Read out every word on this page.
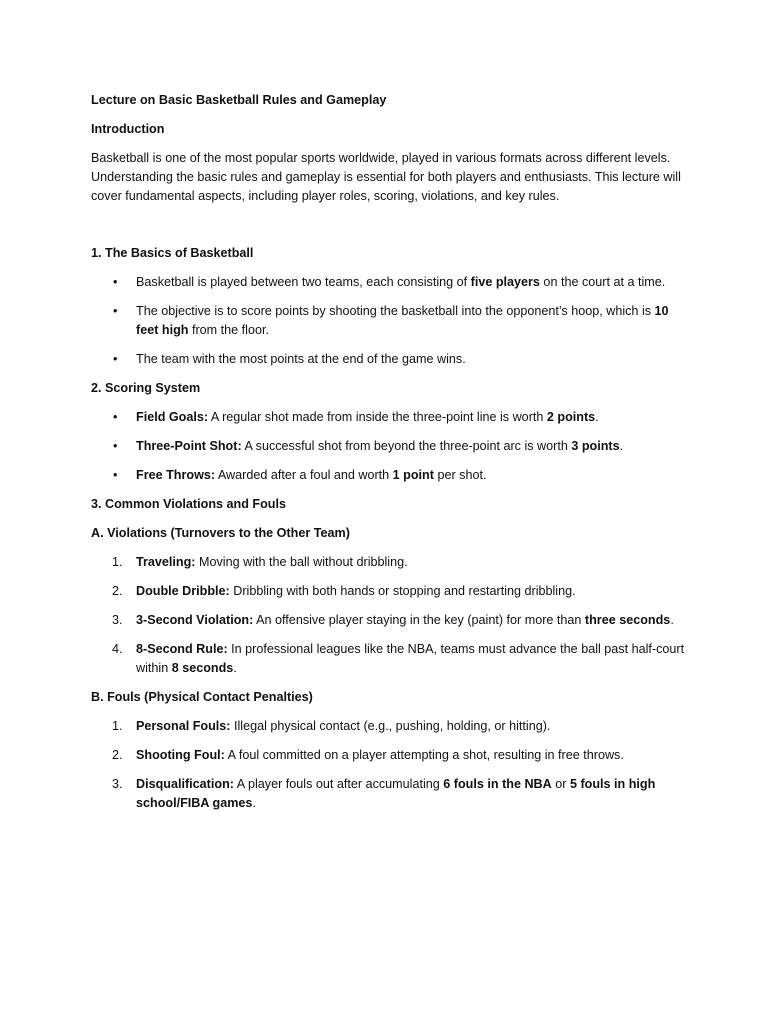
Lecture on Basic Basketball Rules and Gameplay

Introduction

Basketball is one of the most popular sports worldwide, played in various formats across different levels. Understanding the basic rules and gameplay is essential for both players and enthusiasts. This lecture will cover fundamental aspects, including player roles, scoring, violations, and key rules.

1. The Basics of Basketball

• Basketball is played between two teams, each consisting of five players on the court at a time.
• The objective is to score points by shooting the basketball into the opponent’s hoop, which is 10 feet high from the floor.
• The team with the most points at the end of the game wins.

2. Scoring System

• Field Goals: A regular shot made from inside the three-point line is worth 2 points.
• Three-Point Shot: A successful shot from beyond the three-point arc is worth 3 points.
• Free Throws: Awarded after a foul and worth 1 point per shot.

3. Common Violations and Fouls

A. Violations (Turnovers to the Other Team)

1. Traveling: Moving with the ball without dribbling.
2. Double Dribble: Dribbling with both hands or stopping and restarting dribbling.
3. 3-Second Violation: An offensive player staying in the key (paint) for more than three seconds.
4. 8-Second Rule: In professional leagues like the NBA, teams must advance the ball past half-court within 8 seconds.

B. Fouls (Physical Contact Penalties)

1. Personal Fouls: Illegal physical contact (e.g., pushing, holding, or hitting).
2. Shooting Foul: A foul committed on a player attempting a shot, resulting in free throws.
3. Disqualification: A player fouls out after accumulating 6 fouls in the NBA or 5 fouls in high school/FIBA games.
